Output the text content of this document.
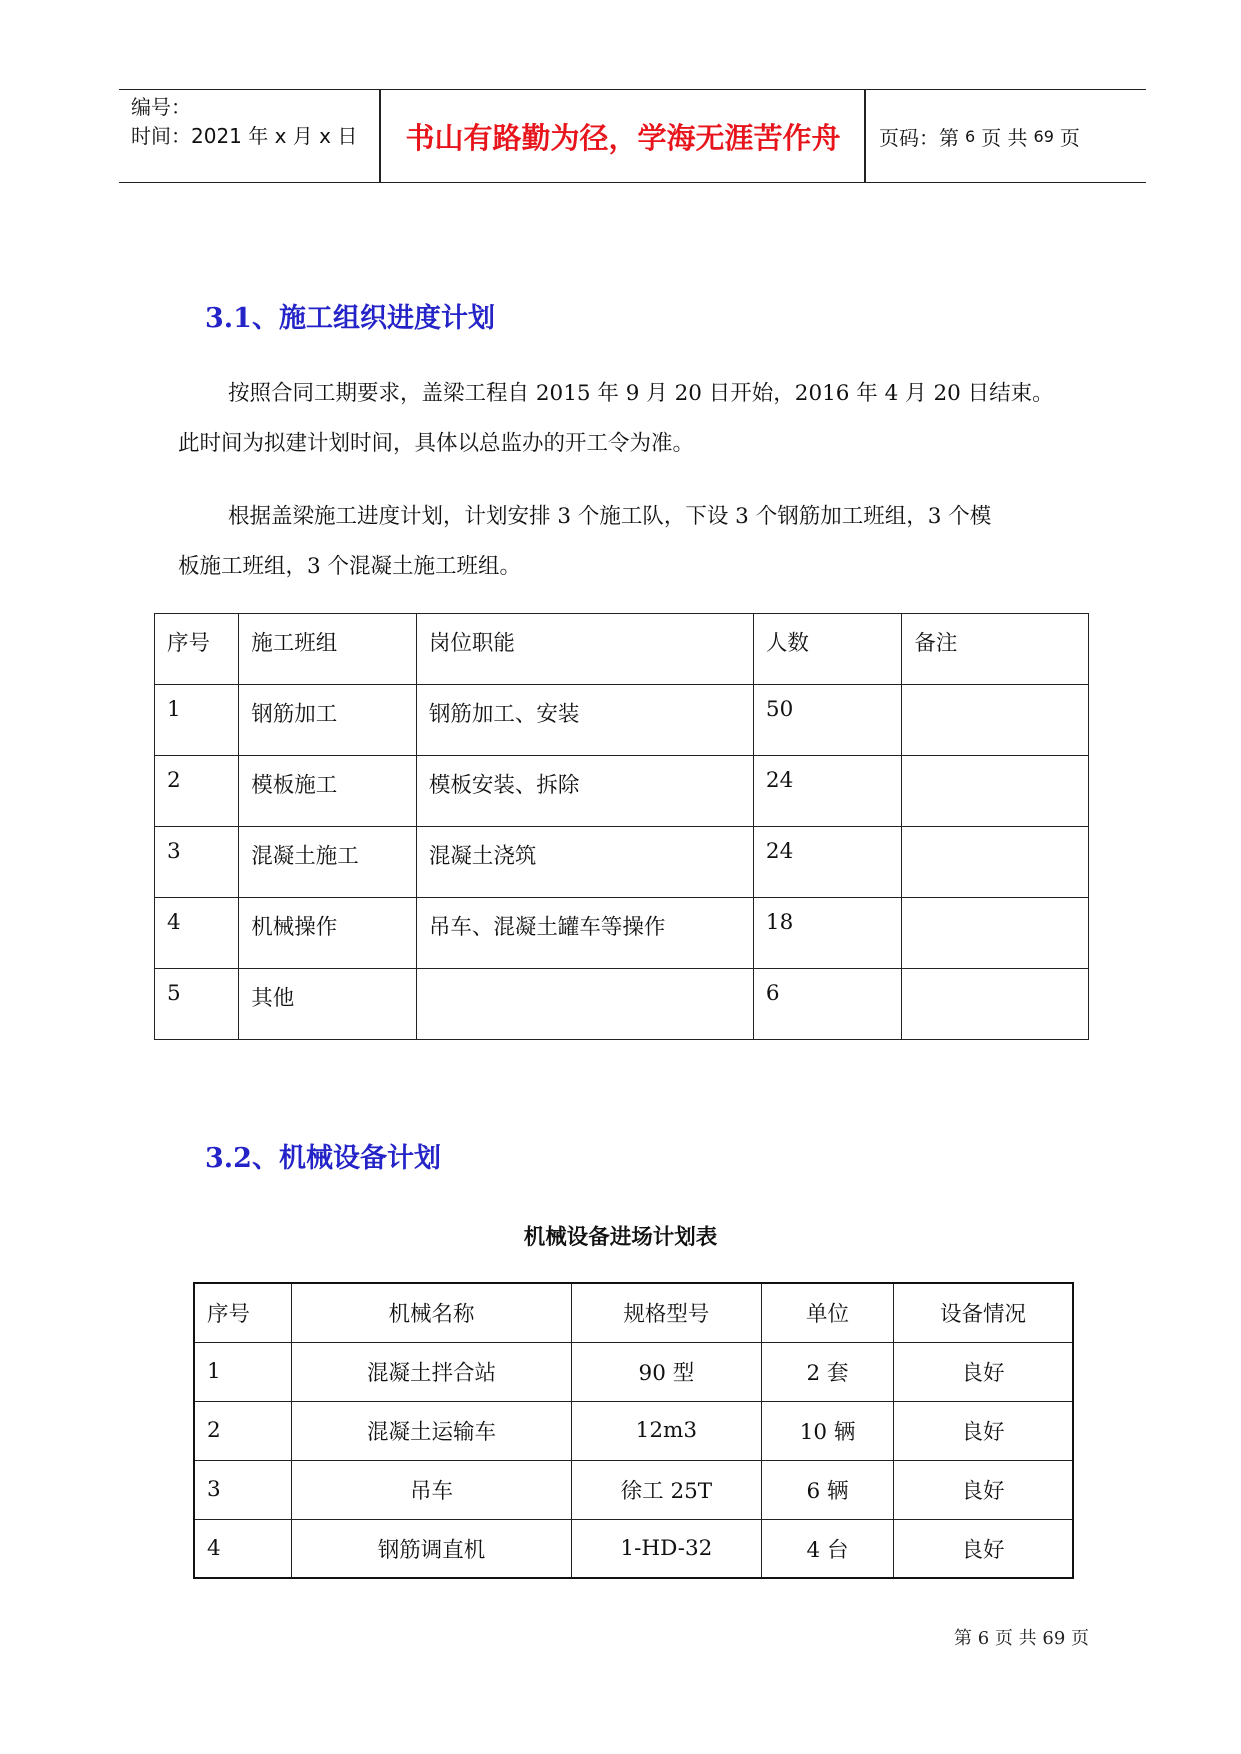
编号：
时间：2021 年 x 月 x 日	书山有路勤为径，学海无涯苦作舟	页码：第 6 页 共 69 页
3.1、施工组织进度计划
按照合同工期要求，盖梁工程自 2015 年 9 月 20 日开始，2016 年 4 月 20 日结束。
此时间为拟建计划时间，具体以总监办的开工令为准。
根据盖梁施工进度计划，计划安排 3 个施工队，下设 3 个钢筋加工班组，3 个模
板施工班组，3 个混凝土施工班组。
序号	施工班组	岗位职能	人数	备注
1	钢筋加工	钢筋加工、安装	50	
2	模板施工	模板安装、拆除	24	
3	混凝土施工	混凝土浇筑	24	
4	机械操作	吊车、混凝土罐车等操作	18	
5	其他		6	
3.2、机械设备计划
机械设备进场计划表
序号	机械名称	规格型号	单位	设备情况
1	混凝土拌合站	90 型	2 套	良好
2	混凝土运输车	12m3	10 辆	良好
3	吊车	徐工 25T	6 辆	良好
4	钢筋调直机	1-HD-32	4 台	良好
第 6 页 共 69 页
